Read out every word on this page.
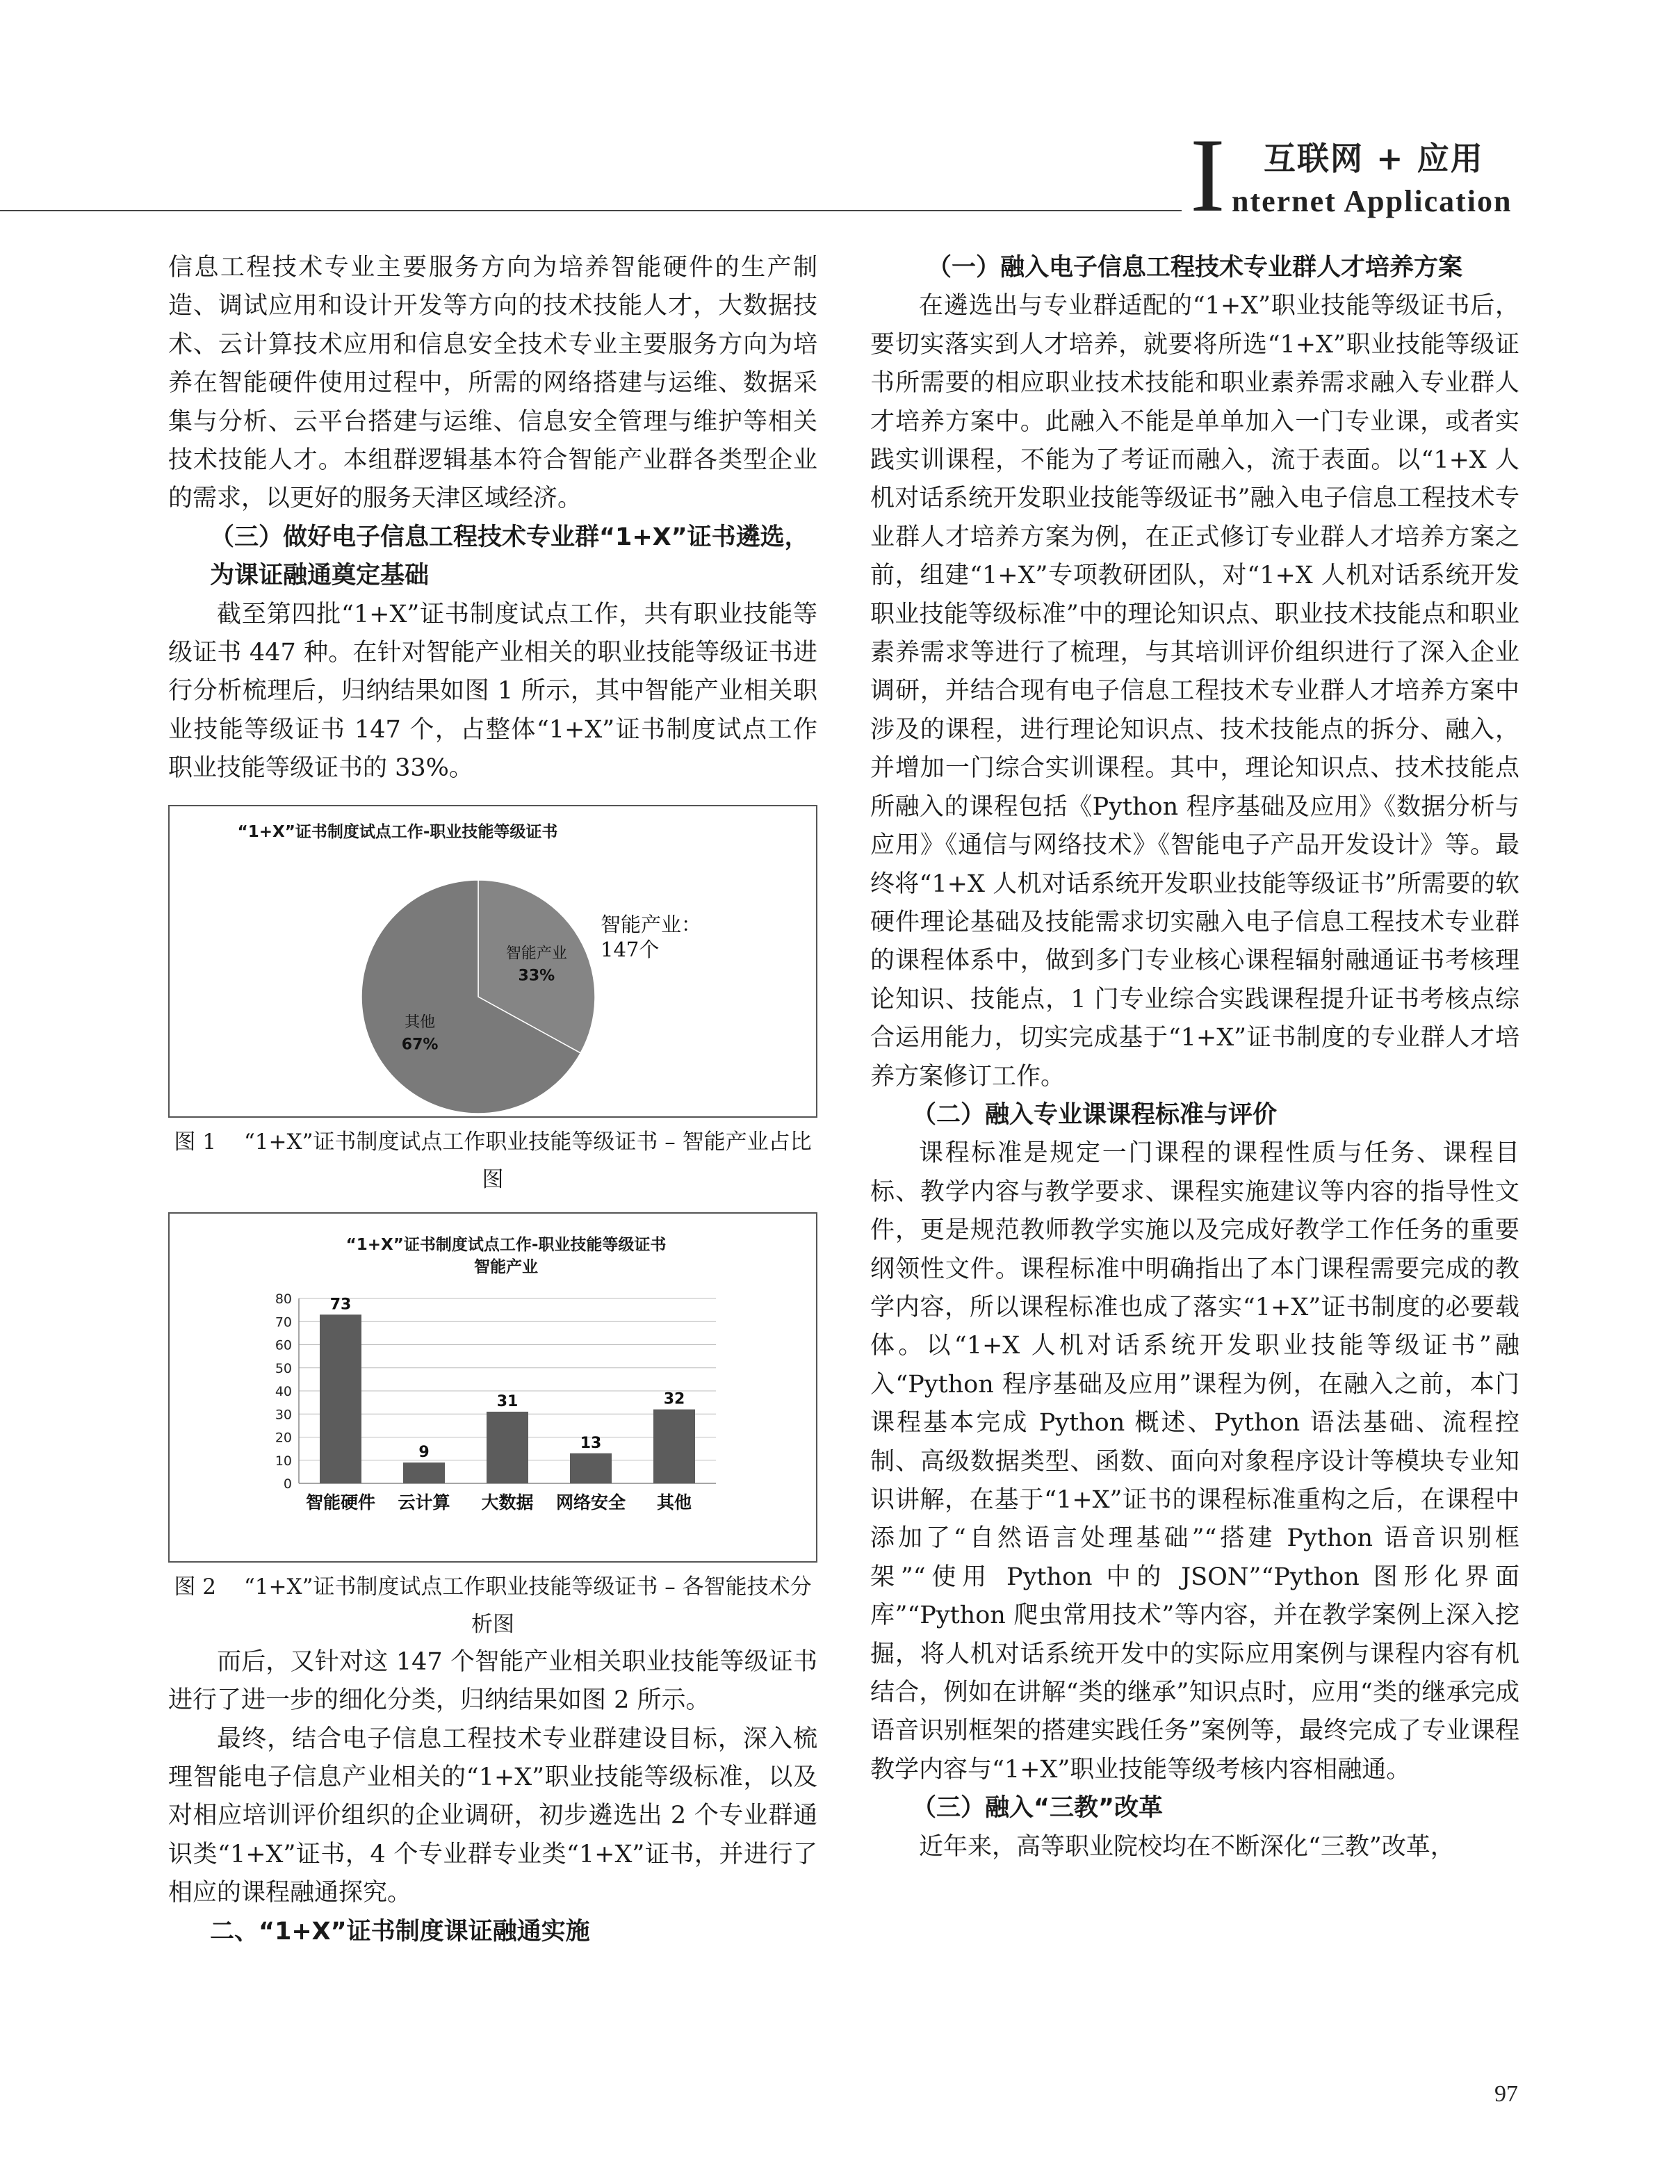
I 互联网 + 应用
nternet Application

信息工程技术专业主要服务方向为培养智能硬件的生产制造、调试应用和设计开发等方向的技术技能人才，大数据技术、云计算技术应用和信息安全技术专业主要服务方向为培养在智能硬件使用过程中，所需的网络搭建与运维、数据采集与分析、云平台搭建与运维、信息安全管理与维护等相关技术技能人才。本组群逻辑基本符合智能产业群各类型企业的需求，以更好的服务天津区域经济。

（三）做好电子信息工程技术专业群“1+X”证书遴选，为课证融通奠定基础

截至第四批“1+X”证书制度试点工作，共有职业技能等级证书 447 种。在针对智能产业相关的职业技能等级证书进行分析梳理后，归纳结果如图 1 所示，其中智能产业相关职业技能等级证书 147 个，占整体“1+X”证书制度试点工作职业技能等级证书的 33%。

“1+X”证书制度试点工作-职业技能等级证书
智能产业
33%
其他
67%
智能产业：
147个

图 1 “1+X”证书制度试点工作职业技能等级证书 – 智能产业占比图

“1+X”证书制度试点工作-职业技能等级证书
智能产业
0
10
20
30
40
50
60
70
80 73
智能硬件
9
云计算
31
大数据
13
网络安全
32
其他

图 2 “1+X”证书制度试点工作职业技能等级证书 – 各智能技术分析图

而后，又针对这 147 个智能产业相关职业技能等级证书进行了进一步的细化分类，归纳结果如图 2 所示。

最终，结合电子信息工程技术专业群建设目标，深入梳理智能电子信息产业相关的“1+X”职业技能等级标准，以及对相应培训评价组织的企业调研，初步遴选出 2 个专业群通识类“1+X”证书，4 个专业群专业类“1+X”证书，并进行了相应的课程融通探究。

二、“1+X”证书制度课证融通实施

（一）融入电子信息工程技术专业群人才培养方案

在遴选出与专业群适配的“1+X”职业技能等级证书后，要切实落实到人才培养，就要将所选“1+X”职业技能等级证书所需要的相应职业技术技能和职业素养需求融入专业群人才培养方案中。此融入不能是单单加入一门专业课，或者实践实训课程，不能为了考证而融入，流于表面。以“1+X 人机对话系统开发职业技能等级证书”融入电子信息工程技术专业群人才培养方案为例，在正式修订专业群人才培养方案之前，组建“1+X”专项教研团队，对“1+X 人机对话系统开发职业技能等级标准”中的理论知识点、职业技术技能点和职业素养需求等进行了梳理，与其培训评价组织进行了深入企业调研，并结合现有电子信息工程技术专业群人才培养方案中涉及的课程，进行理论知识点、技术技能点的拆分、融入，并增加一门综合实训课程。其中，理论知识点、技术技能点所融入的课程包括《Python 程序基础及应用》《数据分析与应用》《通信与网络技术》《智能电子产品开发设计》等。最终将“1+X 人机对话系统开发职业技能等级证书”所需要的软硬件理论基础及技能需求切实融入电子信息工程技术专业群的课程体系中，做到多门专业核心课程辐射融通证书考核理论知识、技能点，1 门专业综合实践课程提升证书考核点综合运用能力，切实完成基于“1+X”证书制度的专业群人才培养方案修订工作。

（二）融入专业课课程标准与评价

课程标准是规定一门课程的课程性质与任务、课程目标、教学内容与教学要求、课程实施建议等内容的指导性文件，更是规范教师教学实施以及完成好教学工作任务的重要纲领性文件。课程标准中明确指出了本门课程需要完成的教学内容，所以课程标准也成了落实“1+X”证书制度的必要载体。以“1+X 人机对话系统开发职业技能等级证书”融入“Python 程序基础及应用”课程为例，在融入之前，本门课程基本完成 Python 概述、Python 语法基础、流程控制、高级数据类型、函数、面向对象程序设计等模块专业知识讲解，在基于“1+X”证书的课程标准重构之后，在课程中添加了“自然语言处理基础”“搭建 Python 语音识别框架”“使用 Python 中的 JSON”“Python 图形化界面库”“Python 爬虫常用技术”等内容，并在教学案例上深入挖掘，将人机对话系统开发中的实际应用案例与课程内容有机结合，例如在讲解“类的继承”知识点时，应用“类的继承完成语音识别框架的搭建实践任务”案例等，最终完成了专业课程教学内容与“1+X”职业技能等级考核内容相融通。

（三）融入“三教”改革

近年来，高等职业院校均在不断深化“三教”改革，

97
